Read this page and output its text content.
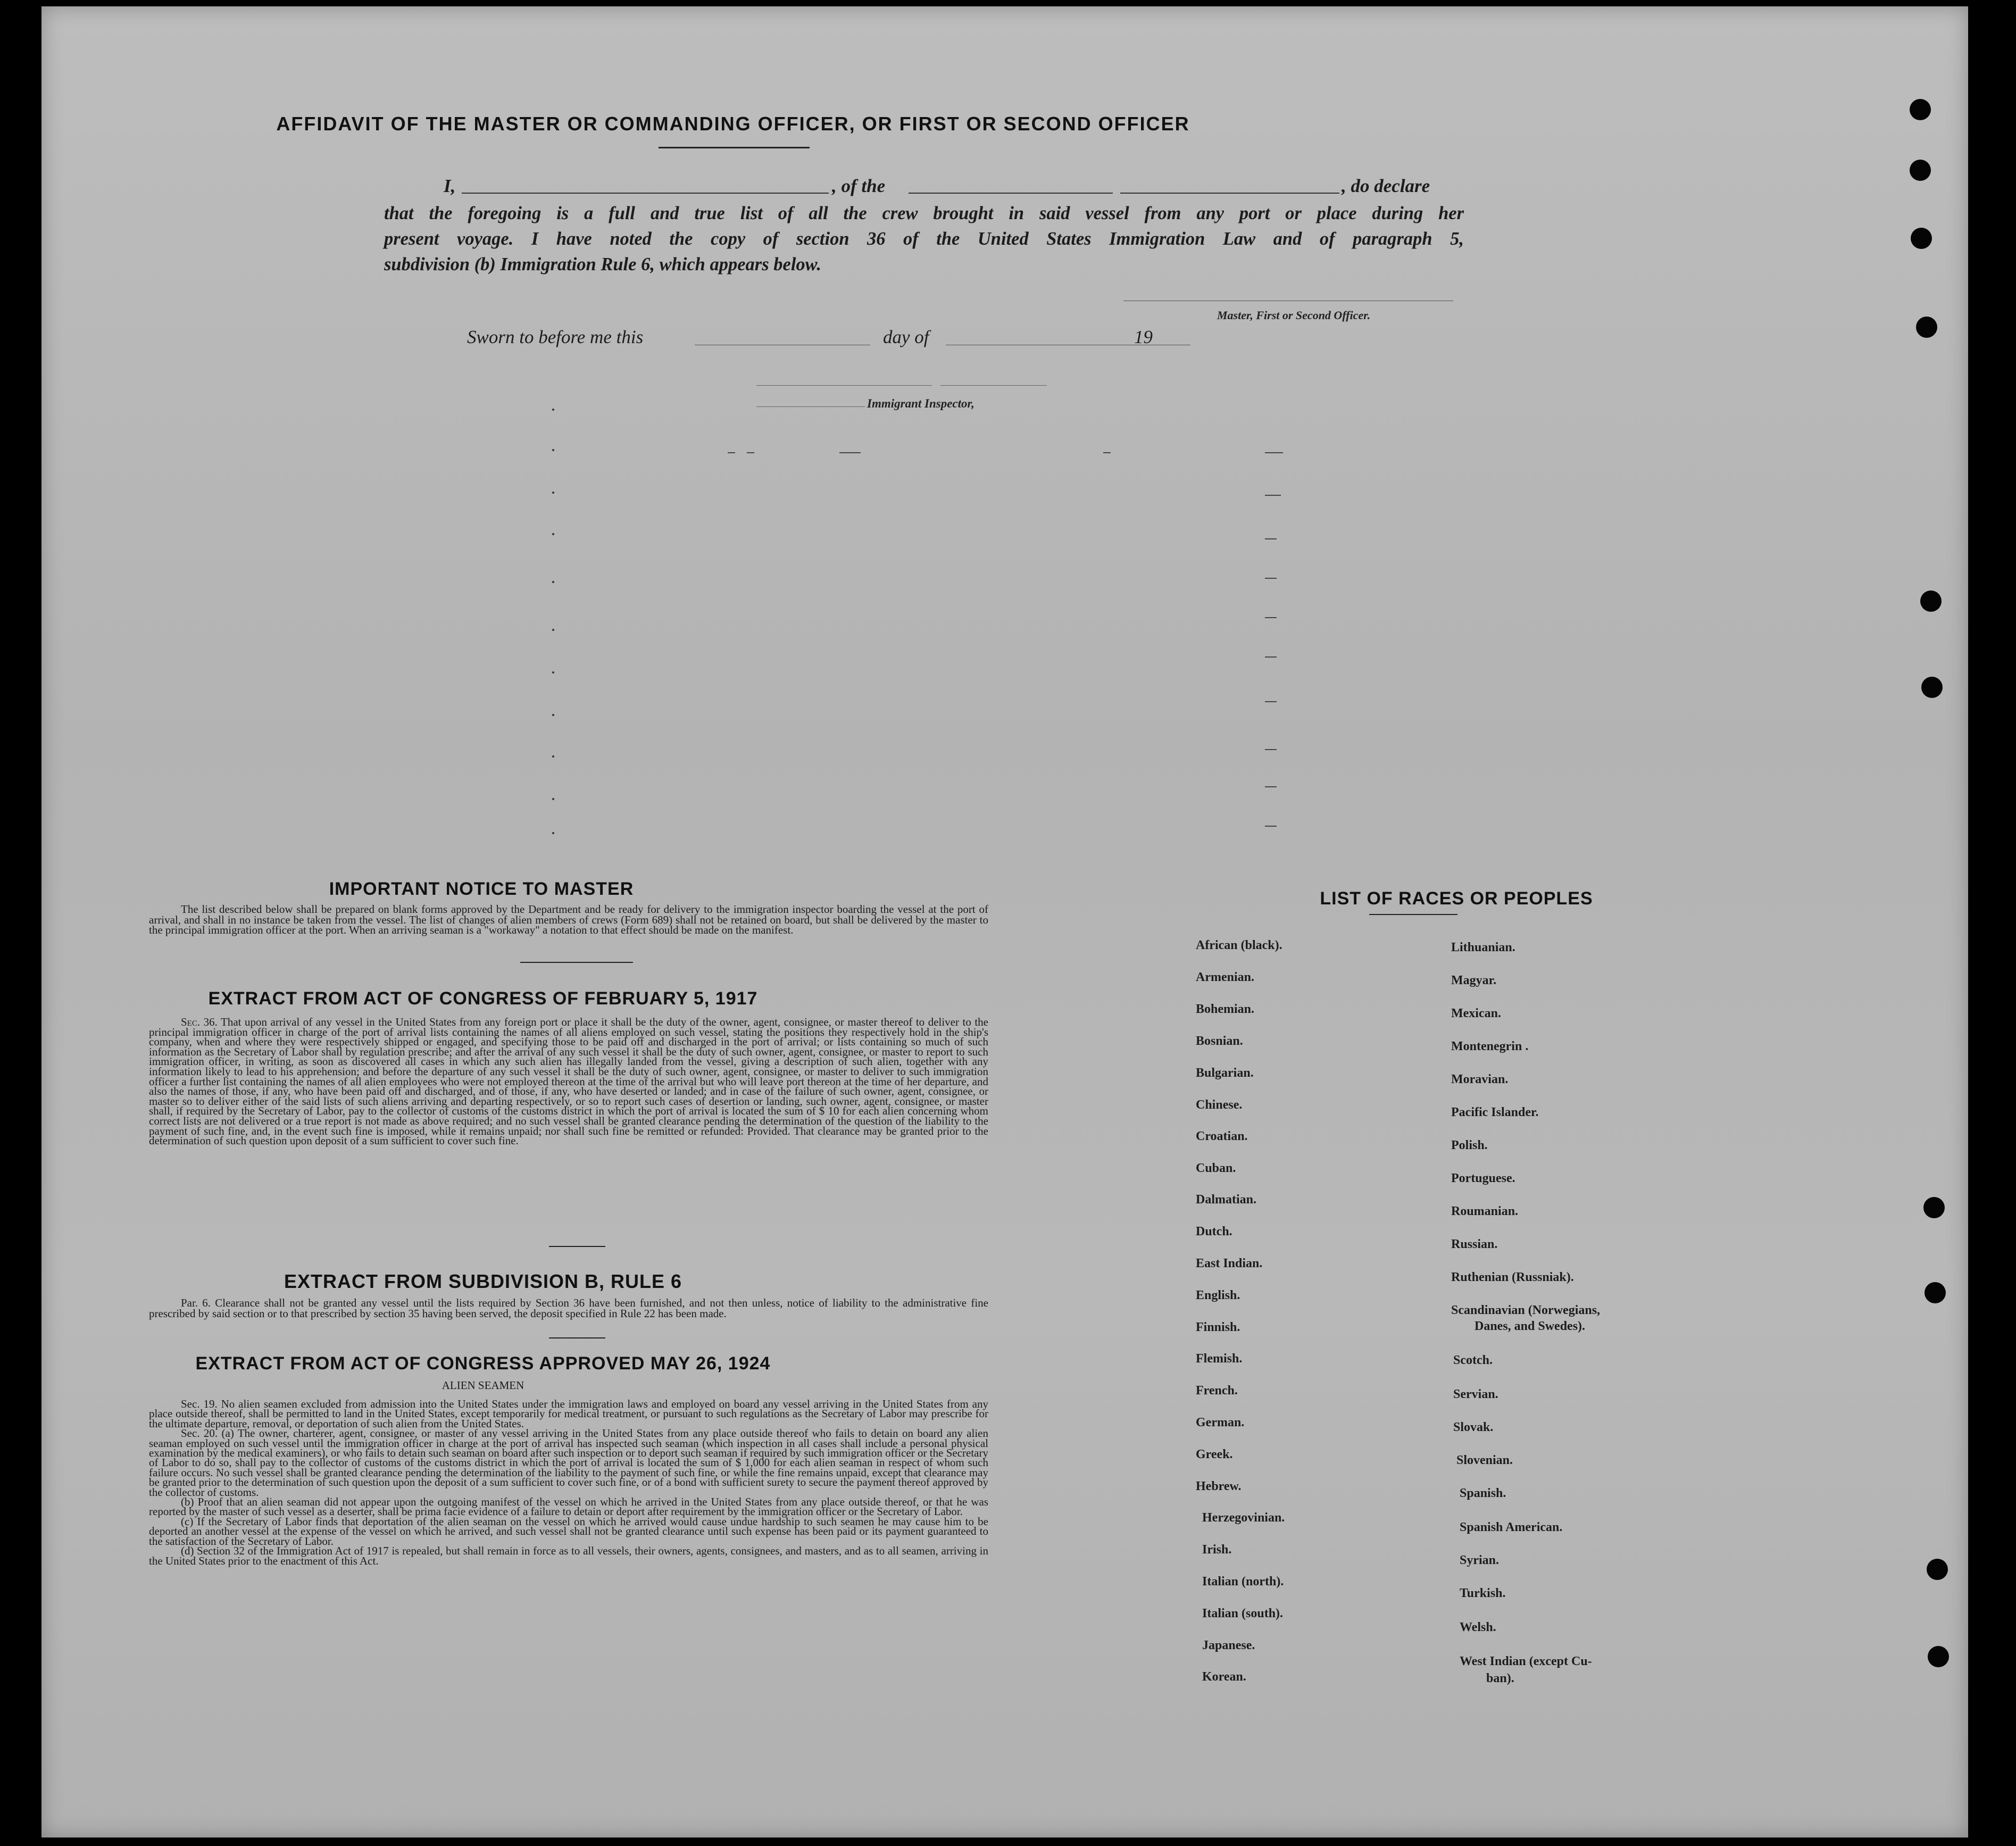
AFFIDAVIT OF THE MASTER OR COMMANDING OFFICER, OR FIRST OR SECOND OFFICER
I,	, of the	, do declare
that the foregoing is a full and true list of all the crew brought in said vessel from any port or place during her
present voyage. I have noted the copy of section 36 of the United States Immigration Law and of paragraph 5,
subdivision (b) Immigration Rule 6, which appears below.
Master, First or Second Officer.
Sworn to before me this	day of	19
Immigrant Inspector,
IMPORTANT NOTICE TO MASTER

The list described below shall be prepared on blank forms approved by the Department and be ready for delivery to the immigration inspector boarding the vessel at the port of arrival, and shall in no instance be taken from the vessel. The list of changes of alien members of crews (Form 689) shall not be retained on board, but shall be delivered by the master to the principal immigration officer at the port. When an arriving seaman is a "workaway" a notation to that effect should be made on the manifest.

EXTRACT FROM ACT OF CONGRESS OF FEBRUARY 5, 1917

Sec. 36. That upon arrival of any vessel in the United States from any foreign port or place it shall be the duty of the owner, agent, consignee, or master thereof to deliver to the principal immigration officer in charge of the port of arrival lists containing the names of all aliens employed on such vessel, stating the positions they respectively hold in the ship's company, when and where they were respectively shipped or engaged, and specifying those to be paid off and discharged in the port of arrival; or lists containing so much of such information as the Secretary of Labor shall by regulation prescribe; and after the arrival of any such vessel it shall be the duty of such owner, agent, consignee, or master to report to such immigration officer, in writing, as soon as discovered all cases in which any such alien has illegally landed from the vessel, giving a description of such alien, together with any information likely to lead to his apprehension; and before the departure of any such vessel it shall be the duty of such owner, agent, consignee, or master to deliver to such immigration officer a further list containing the names of all alien employees who were not employed thereon at the time of the arrival but who will leave port thereon at the time of her departure, and also the names of those, if any, who have been paid off and discharged, and of those, if any, who have deserted or landed; and in case of the failure of such owner, agent, consignee, or master so to deliver either of the said lists of such aliens arriving and departing respectively, or so to report such cases of desertion or landing, such owner, agent, consignee, or master shall, if required by the Secretary of Labor, pay to the collector of customs of the customs district in which the port of arrival is located the sum of $ 10 for each alien concerning whom correct lists are not delivered or a true report is not made as above required; and no such vessel shall be granted clearance pending the determination of the question of the liability to the payment of such fine, and, in the event such fine is imposed, while it remains unpaid; nor shall such fine be remitted or refunded: Provided. That clearance may be granted prior to the determination of such question upon deposit of a sum sufficient to cover such fine.

EXTRACT FROM SUBDIVISION B, RULE 6

Par. 6. Clearance shall not be granted any vessel until the lists required by Section 36 have been furnished, and not then unless, notice of liability to the administrative fine prescribed by said section or to that prescribed by section 35 having been served, the deposit specified in Rule 22 has been made.

EXTRACT FROM ACT OF CONGRESS APPROVED MAY 26, 1924
ALIEN SEAMEN

Sec. 19. No alien seamen excluded from admission into the United States under the immigration laws and employed on board any vessel arriving in the United States from any place outside thereof, shall be permitted to land in the United States, except temporarily for medical treatment, or pursuant to such regulations as the Secretary of Labor may prescribe for the ultimate departure, removal, or deportation of such alien from the United States.

Sec. 20. (a) The owner, charterer, agent, consignee, or master of any vessel arriving in the United States from any place outside thereof who fails to detain on board any alien seaman employed on such vessel until the immigration officer in charge at the port of arrival has inspected such seaman (which inspection in all cases shall include a personal physical examination by the medical examiners), or who fails to detain such seaman on board after such inspection or to deport such seaman if required by such immigration officer or the Secretary of Labor to do so, shall pay to the collector of customs of the customs district in which the port of arrival is located the sum of $ 1,000 for each alien seaman in respect of whom such failure occurs. No such vessel shall be granted clearance pending the determination of the liability to the payment of such fine, or while the fine remains unpaid, except that clearance may be granted prior to the determination of such question upon the deposit of a sum sufficient to cover such fine, or of a bond with sufficient surety to secure the payment thereof approved by the collector of customs.

(b) Proof that an alien seaman did not appear upon the outgoing manifest of the vessel on which he arrived in the United States from any place outside thereof, or that he was reported by the master of such vessel as a deserter, shall be prima facie evidence of a failure to detain or deport after requirement by the immigration officer or the Secretary of Labor.

(c) If the Secretary of Labor finds that deportation of the alien seaman on the vessel on which he arrived would cause undue hardship to such seamen he may cause him to be deported an another vessel at the expense of the vessel on which he arrived, and such vessel shall not be granted clearance until such expense has been paid or its payment guaranteed to the satisfaction of the Secretary of Labor.

(d) Section 32 of the Immigration Act of 1917 is repealed, but shall remain in force as to all vessels, their owners, agents, consignees, and masters, and as to all seamen, arriving in the United States prior to the enactment of this Act.

LIST OF RACES OR PEOPLES
African (black).
Armenian.
Bohemian.
Bosnian.
Bulgarian.
Chinese.
Croatian.
Cuban.
Dalmatian.
Dutch.
East Indian.
English.
Finnish.
Flemish.
French.
German.
Greek.
Hebrew.
Herzegovinian.
Irish.
Italian (north).
Italian (south).
Japanese.
Korean.
Lithuanian.
Magyar.
Mexican.
Montenegrin .
Moravian.
Pacific Islander.
Polish.
Portuguese.
Roumanian.
Russian.
Ruthenian (Russniak).
Scandinavian (Norwegians,
Danes, and Swedes).
Scotch.
Servian.
Slovak.
Slovenian.
Spanish.
Spanish American.
Syrian.
Turkish.
Welsh.
West Indian (except Cu-
ban).
